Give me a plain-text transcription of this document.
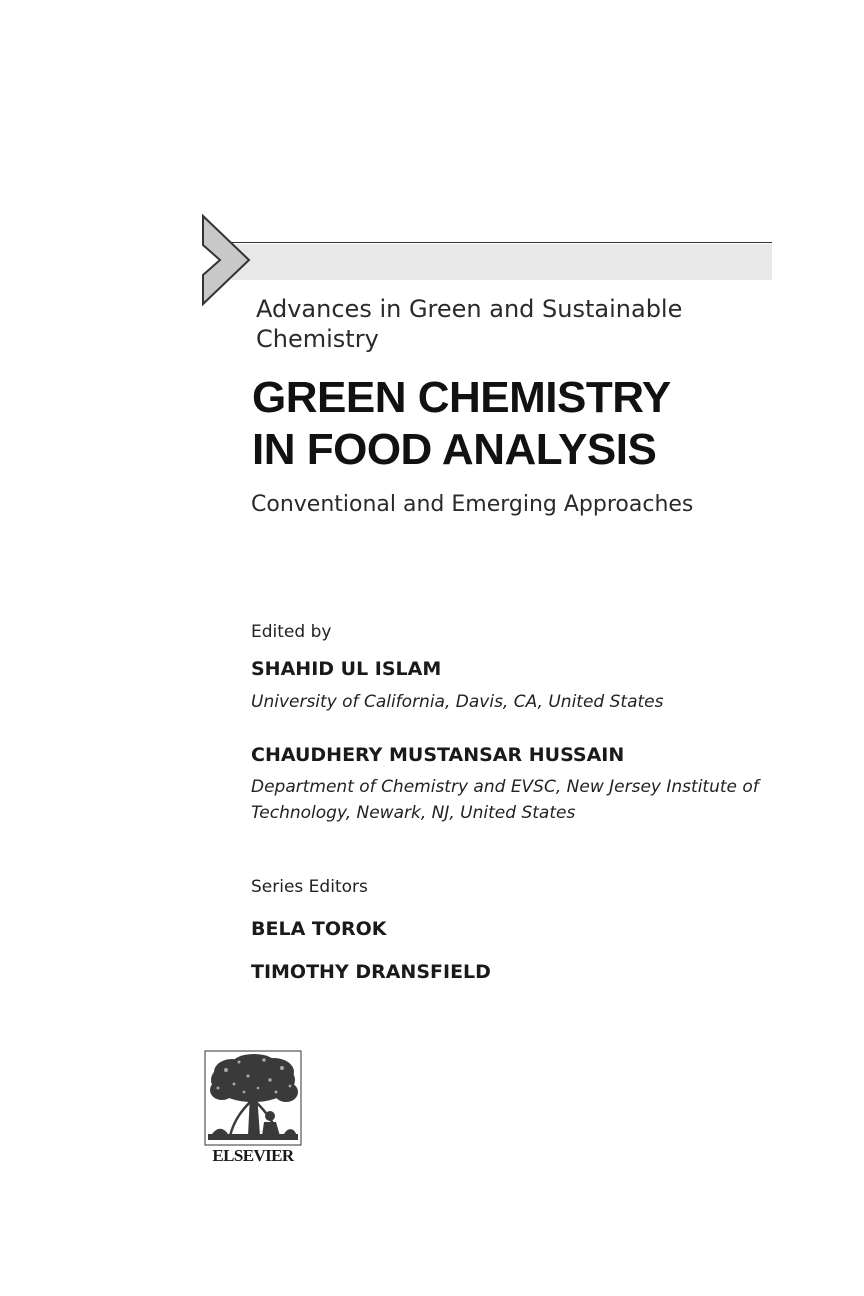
Advances in Green and Sustainable Chemistry
GREEN CHEMISTRY
IN FOOD ANALYSIS
Conventional and Emerging Approaches
Edited by
SHAHID UL ISLAM
University of California, Davis, CA, United States
CHAUDHERY MUSTANSAR HUSSAIN
Department of Chemistry and EVSC, New Jersey Institute of Technology, Newark, NJ, United States
Series Editors
BELA TOROK
TIMOTHY DRANSFIELD
ELSEVIER
